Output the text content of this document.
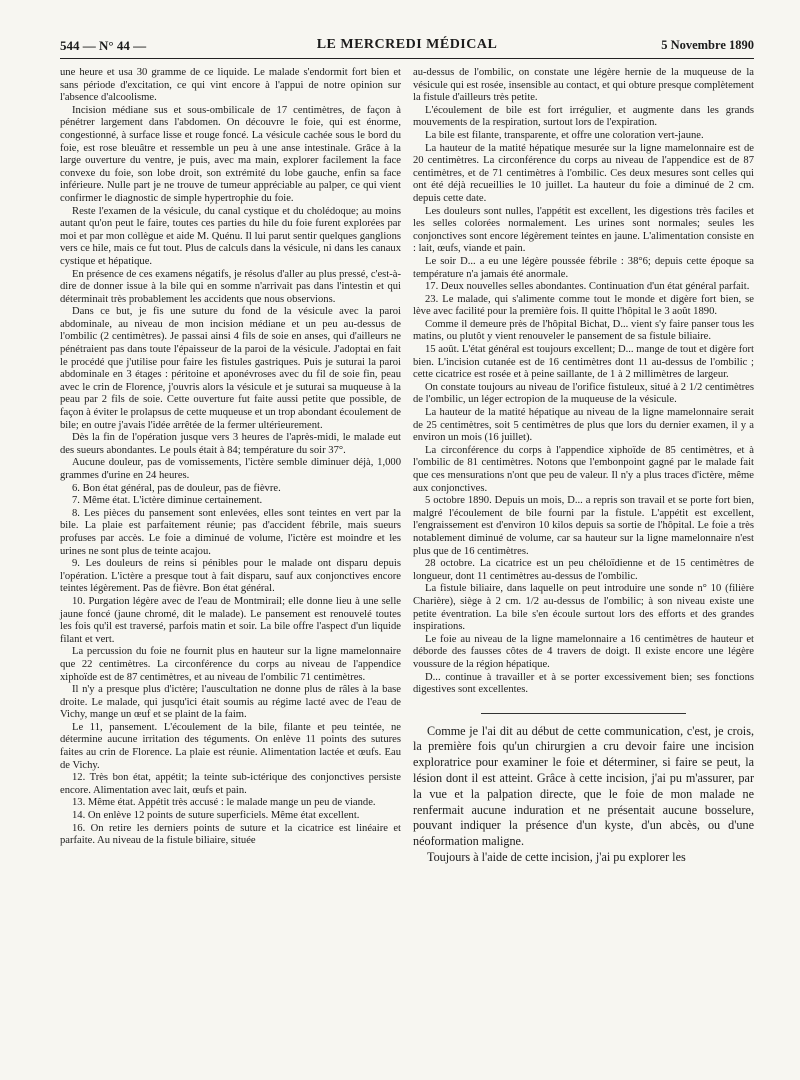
544 — N° 44 —	LE MERCREDI MÉDICAL	5 Novembre 1890

une heure et usa 30 gramme de ce liquide. Le malade s'endormit fort bien et sans période d'excitation, ce qui vint encore à l'appui de notre opinion sur l'absence d'alcoolisme.

Incision médiane sus et sous-ombilicale de 17 centimètres, de façon à pénétrer largement dans l'abdomen. On découvre le foie, qui est énorme, congestionné, à surface lisse et rouge foncé. La vésicule cachée sous le bord du foie, est rose bleuâtre et ressemble un peu à une anse intestinale. Grâce à la large ouverture du ventre, je puis, avec ma main, explorer facilement la face convexe du foie, son lobe droit, son extrémité du lobe gauche, enfin sa face inférieure. Nulle part je ne trouve de tumeur appréciable au palper, ce qui vient confirmer le diagnostic de simple hypertrophie du foie.

Reste l'examen de la vésicule, du canal cystique et du cholédoque; au moins autant qu'on peut le faire, toutes ces parties du hile du foie furent explorées par moi et par mon collègue et aide M. Quénu. Il lui parut sentir quelques ganglions vers ce hile, mais ce fut tout. Plus de calculs dans la vésicule, ni dans les canaux cystique et hépatique.

En présence de ces examens négatifs, je résolus d'aller au plus pressé, c'est-à-dire de donner issue à la bile qui en somme n'arrivait pas dans l'intestin et qui déterminait très probablement les accidents que nous observions.

Dans ce but, je fis une suture du fond de la vésicule avec la paroi abdominale, au niveau de mon incision médiane et un peu au-dessus de l'ombilic (2 centimètres). Je passai ainsi 4 fils de soie en anses, qui d'ailleurs ne pénétraient pas dans toute l'épaisseur de la paroi de la vésicule. J'adoptai en fait le procédé que j'utilise pour faire les fistules gastriques. Puis je suturai la paroi abdominale en 3 étages : péritoine et aponévroses avec du fil de soie fin, peau avec le crin de Florence, j'ouvris alors la vésicule et je suturai sa muqueuse à la peau par 2 fils de soie. Cette ouverture fut faite aussi petite que possible, de façon à éviter le prolapsus de cette muqueuse et un trop abondant écoulement de bile; en outre j'avais l'idée arrêtée de la fermer ultérieurement.

Dès la fin de l'opération jusque vers 3 heures de l'après-midi, le malade eut des sueurs abondantes. Le pouls était à 84; température du soir 37°.

Aucune douleur, pas de vomissements, l'ictère semble diminuer déjà, 1,000 grammes d'urine en 24 heures.

6. Bon état général, pas de douleur, pas de fièvre.

7. Même état. L'ictère diminue certainement.

8. Les pièces du pansement sont enlevées, elles sont teintes en vert par la bile. La plaie est parfaitement réunie; pas d'accident fébrile, mais sueurs profuses par accès. Le foie a diminué de volume, l'ictère est moindre et les urines ne sont plus de teinte acajou.

9. Les douleurs de reins si pénibles pour le malade ont disparu depuis l'opération. L'ictère a presque tout à fait disparu, sauf aux conjonctives encore teintes légèrement. Pas de fièvre. Bon état général.

10. Purgation légère avec de l'eau de Montmirail; elle donne lieu à une selle jaune foncé (jaune chromé, dit le malade). Le pansement est renouvelé toutes les fois qu'il est traversé, parfois matin et soir. La bile offre l'aspect d'un liquide filant et vert.

La percussion du foie ne fournit plus en hauteur sur la ligne mamelonnaire que 22 centimètres. La circonférence du corps au niveau de l'appendice xiphoïde est de 87 centimètres, et au niveau de l'ombilic 71 centimètres.

Il n'y a presque plus d'ictère; l'auscultation ne donne plus de râles à la base droite. Le malade, qui jusqu'ici était soumis au régime lacté avec de l'eau de Vichy, mange un œuf et se plaint de la faim.

Le 11, pansement. L'écoulement de la bile, filante et peu teintée, ne détermine aucune irritation des téguments. On enlève 11 points des sutures faites au crin de Florence. La plaie est réunie. Alimentation lactée et œufs. Eau de Vichy.

12. Très bon état, appétit; la teinte sub-ictérique des conjonctives persiste encore. Alimentation avec lait, œufs et pain.

13. Même état. Appétit très accusé : le malade mange un peu de viande.

14. On enlève 12 points de suture superficiels. Même état excellent.

16. On retire les derniers points de suture et la cicatrice est linéaire et parfaite. Au niveau de la fistule biliaire, située

au-dessus de l'ombilic, on constate une légère hernie de la muqueuse de la vésicule qui est rosée, insensible au contact, et qui obture presque complètement la fistule d'ailleurs très petite.

L'écoulement de bile est fort irrégulier, et augmente dans les grands mouvements de la respiration, surtout lors de l'expiration.

La bile est filante, transparente, et offre une coloration vert-jaune.

La hauteur de la matité hépatique mesurée sur la ligne mamelonnaire est de 20 centimètres. La circonférence du corps au niveau de l'appendice est de 87 centimètres, et de 71 centimètres à l'ombilic. Ces deux mesures sont celles qui ont été déjà recueillies le 10 juillet. La hauteur du foie a diminué de 2 cm. depuis cette date.

Les douleurs sont nulles, l'appétit est excellent, les digestions très faciles et les selles colorées normalement. Les urines sont normales; seules les conjonctives sont encore légèrement teintes en jaune. L'alimentation consiste en : lait, œufs, viande et pain.

Le soir D... a eu une légère poussée fébrile : 38°6; depuis cette époque sa température n'a jamais été anormale.

17. Deux nouvelles selles abondantes. Continuation d'un état général parfait.

23. Le malade, qui s'alimente comme tout le monde et digère fort bien, se lève avec facilité pour la première fois. Il quitte l'hôpital le 3 août 1890.

Comme il demeure près de l'hôpital Bichat, D... vient s'y faire panser tous les matins, ou plutôt y vient renouveler le pansement de sa fistule biliaire.

15 août. L'état général est toujours excellent; D... mange de tout et digère fort bien. L'incision cutanée est de 16 centimètres dont 11 au-dessus de l'ombilic ; cette cicatrice est rosée et à peine saillante, de 1 à 2 millimètres de largeur.

On constate toujours au niveau de l'orifice fistuleux, situé à 2 1/2 centimètres de l'ombilic, un léger ectropion de la muqueuse de la vésicule.

La hauteur de la matité hépatique au niveau de la ligne mamelonnaire serait de 25 centimètres, soit 5 centimètres de plus que lors du dernier examen, il y a environ un mois (16 juillet).

La circonférence du corps à l'appendice xiphoïde de 85 centimètres, et à l'ombilic de 81 centimètres. Notons que l'embonpoint gagné par le malade fait que ces mensurations n'ont que peu de valeur. Il n'y a plus traces d'ictère, même aux conjonctives.

5 octobre 1890. Depuis un mois, D... a repris son travail et se porte fort bien, malgré l'écoulement de bile fourni par la fistule. L'appétit est excellent, l'engraissement est d'environ 10 kilos depuis sa sortie de l'hôpital. Le foie a très notablement diminué de volume, car sa hauteur sur la ligne mamelonnaire n'est plus que de 16 centimètres.

28 octobre. La cicatrice est un peu chéloïdienne et de 15 centimètres de longueur, dont 11 centimètres au-dessus de l'ombilic.

La fistule biliaire, dans laquelle on peut introduire une sonde n° 10 (filière Charière), siège à 2 cm. 1/2 au-dessus de l'ombilic; à son niveau existe une petite éventration. La bile s'en écoule surtout lors des efforts et des grandes inspirations.

Le foie au niveau de la ligne mamelonnaire a 16 centimètres de hauteur et déborde des fausses côtes de 4 travers de doigt. Il existe encore une légère voussure de la région hépatique.

D... continue à travailler et à se porter excessivement bien; ses fonctions digestives sont excellentes.

Comme je l'ai dit au début de cette communication, c'est, je crois, la première fois qu'un chirurgien a cru devoir faire une incision exploratrice pour examiner le foie et déterminer, si faire se peut, la lésion dont il est atteint. Grâce à cette incision, j'ai pu m'assurer, par la vue et la palpation directe, que le foie de mon malade ne renfermait aucune induration et ne présentait aucune bosselure, pouvant indiquer la présence d'un kyste, d'un abcès, ou d'une néoformation maligne.

Toujours à l'aide de cette incision, j'ai pu explorer les
